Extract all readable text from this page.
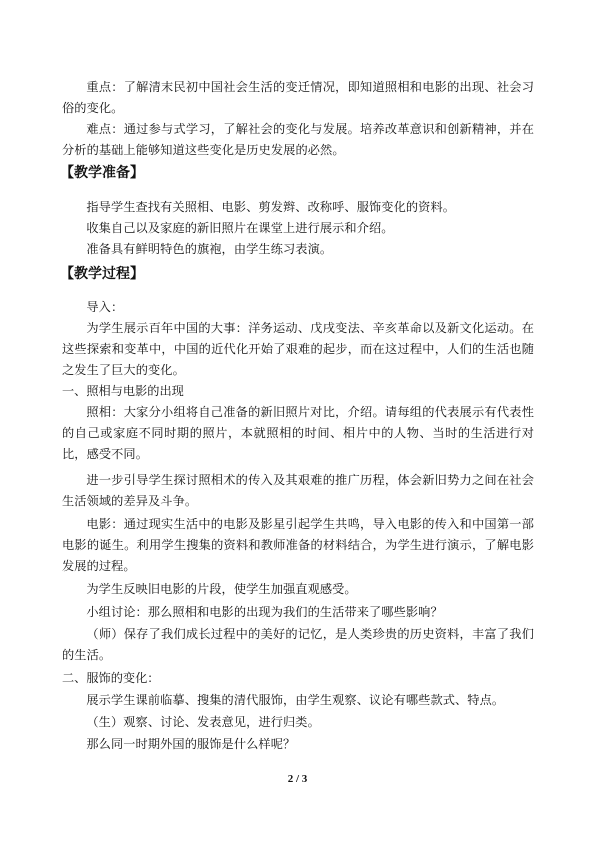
重点：了解清末民初中国社会生活的变迁情况，即知道照相和电影的出现、社会习俗的变化。

难点：通过参与式学习，了解社会的变化与发展。培养改革意识和创新精神，并在分析的基础上能够知道这些变化是历史发展的必然。

【教学准备】

指导学生查找有关照相、电影、剪发辫、改称呼、服饰变化的资料。

收集自己以及家庭的新旧照片在课堂上进行展示和介绍。

准备具有鲜明特色的旗袍，由学生练习表演。

【教学过程】

导入：

为学生展示百年中国的大事：洋务运动、戊戌变法、辛亥革命以及新文化运动。在这些探索和变革中，中国的近代化开始了艰难的起步，而在这过程中，人们的生活也随之发生了巨大的变化。

一、照相与电影的出现

照相：大家分小组将自己准备的新旧照片对比，介绍。请每组的代表展示有代表性的自己或家庭不同时期的照片，本就照相的时间、相片中的人物、当时的生活进行对比，感受不同。

进一步引导学生探讨照相术的传入及其艰难的推广历程，体会新旧势力之间在社会生活领域的差异及斗争。

电影：通过现实生活中的电影及影星引起学生共鸣，导入电影的传入和中国第一部电影的诞生。利用学生搜集的资料和教师准备的材料结合，为学生进行演示，了解电影发展的过程。

为学生反映旧电影的片段，使学生加强直观感受。

小组讨论：那么照相和电影的出现为我们的生活带来了哪些影响？

（师）保存了我们成长过程中的美好的记忆，是人类珍贵的历史资料，丰富了我们的生活。

二、服饰的变化：

展示学生课前临摹、搜集的清代服饰，由学生观察、议论有哪些款式、特点。

（生）观察、讨论、发表意见，进行归类。

那么同一时期外国的服饰是什么样呢？

2 / 3
